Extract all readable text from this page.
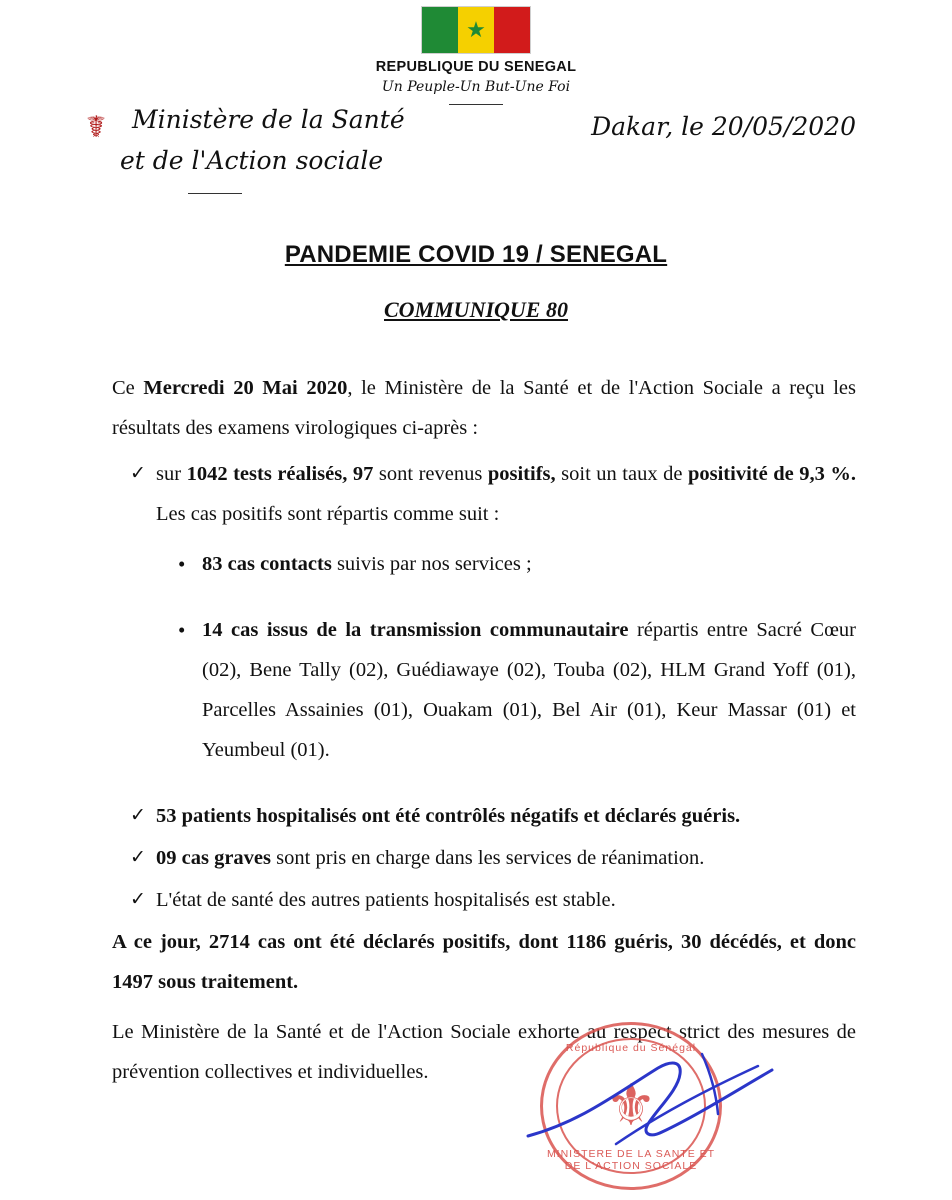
★
REPUBLIQUE DU SENEGAL
Un Peuple-Un But-Une Foi
☤	Ministère de la Santé
et de l'Action sociale
Dakar, le 20/05/2020
PANDEMIE COVID 19 / SENEGAL
COMMUNIQUE 80

Ce Mercredi 20 Mai 2020, le Ministère de la Santé et de l'Action Sociale a reçu les résultats des examens virologiques ci-après :

✓ sur 1042 tests réalisés, 97 sont revenus positifs, soit un taux de positivité de 9,3 %. Les cas positifs sont répartis comme suit :
• 83 cas contacts suivis par nos services ;
• 14 cas issus de la transmission communautaire répartis entre Sacré Cœur (02), Bene Tally (02), Guédiawaye (02), Touba (02), HLM Grand Yoff (01), Parcelles Assainies (01), Ouakam (01), Bel Air (01), Keur Massar (01) et Yeumbeul (01).
✓ 53 patients hospitalisés ont été contrôlés négatifs et déclarés guéris.
✓ 09 cas graves sont pris en charge dans les services de réanimation.
✓ L'état de santé des autres patients hospitalisés est stable.

A ce jour, 2714 cas ont été déclarés positifs, dont 1186 guéris, 30 décédés, et donc 1497 sous traitement.

Le Ministère de la Santé et de l'Action Sociale exhorte au respect strict des mesures de prévention collectives et individuelles.

République du Sénégal
⚜
MINISTERE DE LA SANTE ET DE L'ACTION SOCIALE
